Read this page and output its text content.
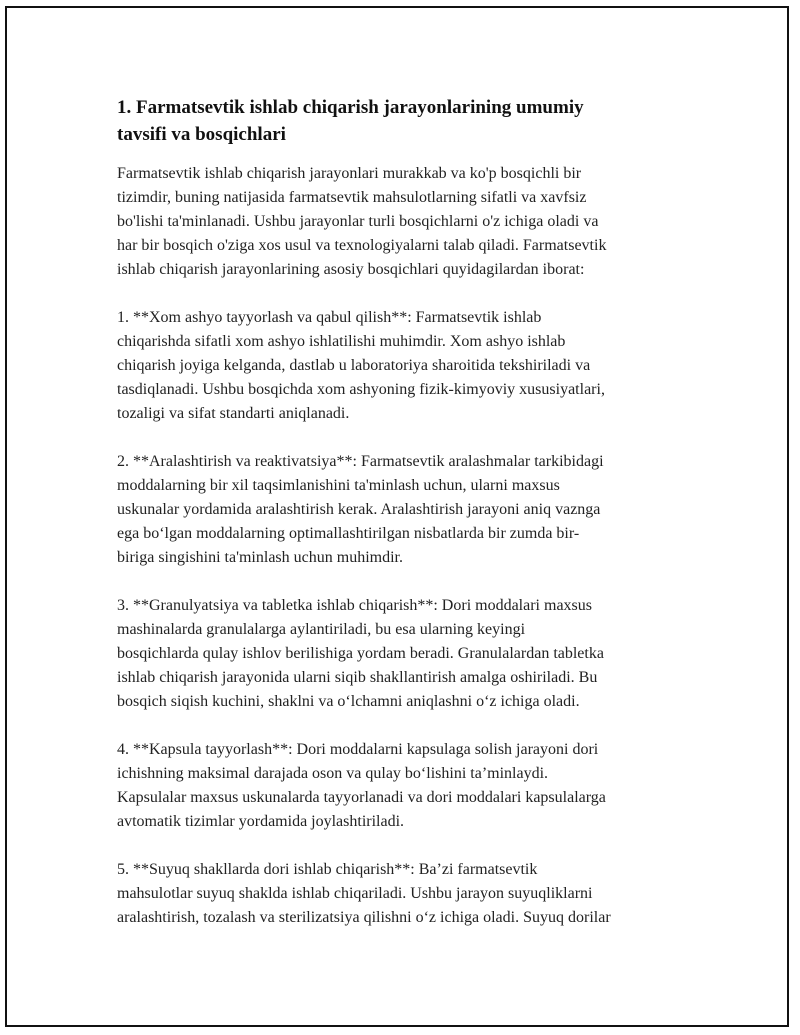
1. Farmatsevtik ishlab chiqarish jarayonlarining umumiy
tavsifi va bosqichlari

Farmatsevtik ishlab chiqarish jarayonlari murakkab va ko'p bosqichli bir
tizimdir, buning natijasida farmatsevtik mahsulotlarning sifatli va xavfsiz
bo'lishi ta'minlanadi. Ushbu jarayonlar turli bosqichlarni o'z ichiga oladi va
har bir bosqich o'ziga xos usul va texnologiyalarni talab qiladi. Farmatsevtik
ishlab chiqarish jarayonlarining asosiy bosqichlari quyidagilardan iborat:

1. **Xom ashyo tayyorlash va qabul qilish**: Farmatsevtik ishlab
chiqarishda sifatli xom ashyo ishlatilishi muhimdir. Xom ashyo ishlab
chiqarish joyiga kelganda, dastlab u laboratoriya sharoitida tekshiriladi va
tasdiqlanadi. Ushbu bosqichda xom ashyoning fizik-kimyoviy xususiyatlari,
tozaligi va sifat standarti aniqlanadi.

2. **Aralashtirish va reaktivatsiya**: Farmatsevtik aralashmalar tarkibidagi
moddalarning bir xil taqsimlanishini ta'minlash uchun, ularni maxsus
uskunalar yordamida aralashtirish kerak. Aralashtirish jarayoni aniq vaznga
ega bo‘lgan moddalarning optimallashtirilgan nisbatlarda bir zumda bir-
biriga singishini ta'minlash uchun muhimdir.

3. **Granulyatsiya va tabletka ishlab chiqarish**: Dori moddalari maxsus
mashinalarda granulalarga aylantiriladi, bu esa ularning keyingi
bosqichlarda qulay ishlov berilishiga yordam beradi. Granulalardan tabletka
ishlab chiqarish jarayonida ularni siqib shakllantirish amalga oshiriladi. Bu
bosqich siqish kuchini, shaklni va o‘lchamni aniqlashni o‘z ichiga oladi.

4. **Kapsula tayyorlash**: Dori moddalarni kapsulaga solish jarayoni dori
ichishning maksimal darajada oson va qulay bo‘lishini ta’minlaydi.
Kapsulalar maxsus uskunalarda tayyorlanadi va dori moddalari kapsulalarga
avtomatik tizimlar yordamida joylashtiriladi.

5. **Suyuq shakllarda dori ishlab chiqarish**: Ba’zi farmatsevtik
mahsulotlar suyuq shaklda ishlab chiqariladi. Ushbu jarayon suyuqliklarni
aralashtirish, tozalash va sterilizatsiya qilishni o‘z ichiga oladi. Suyuq dorilar
